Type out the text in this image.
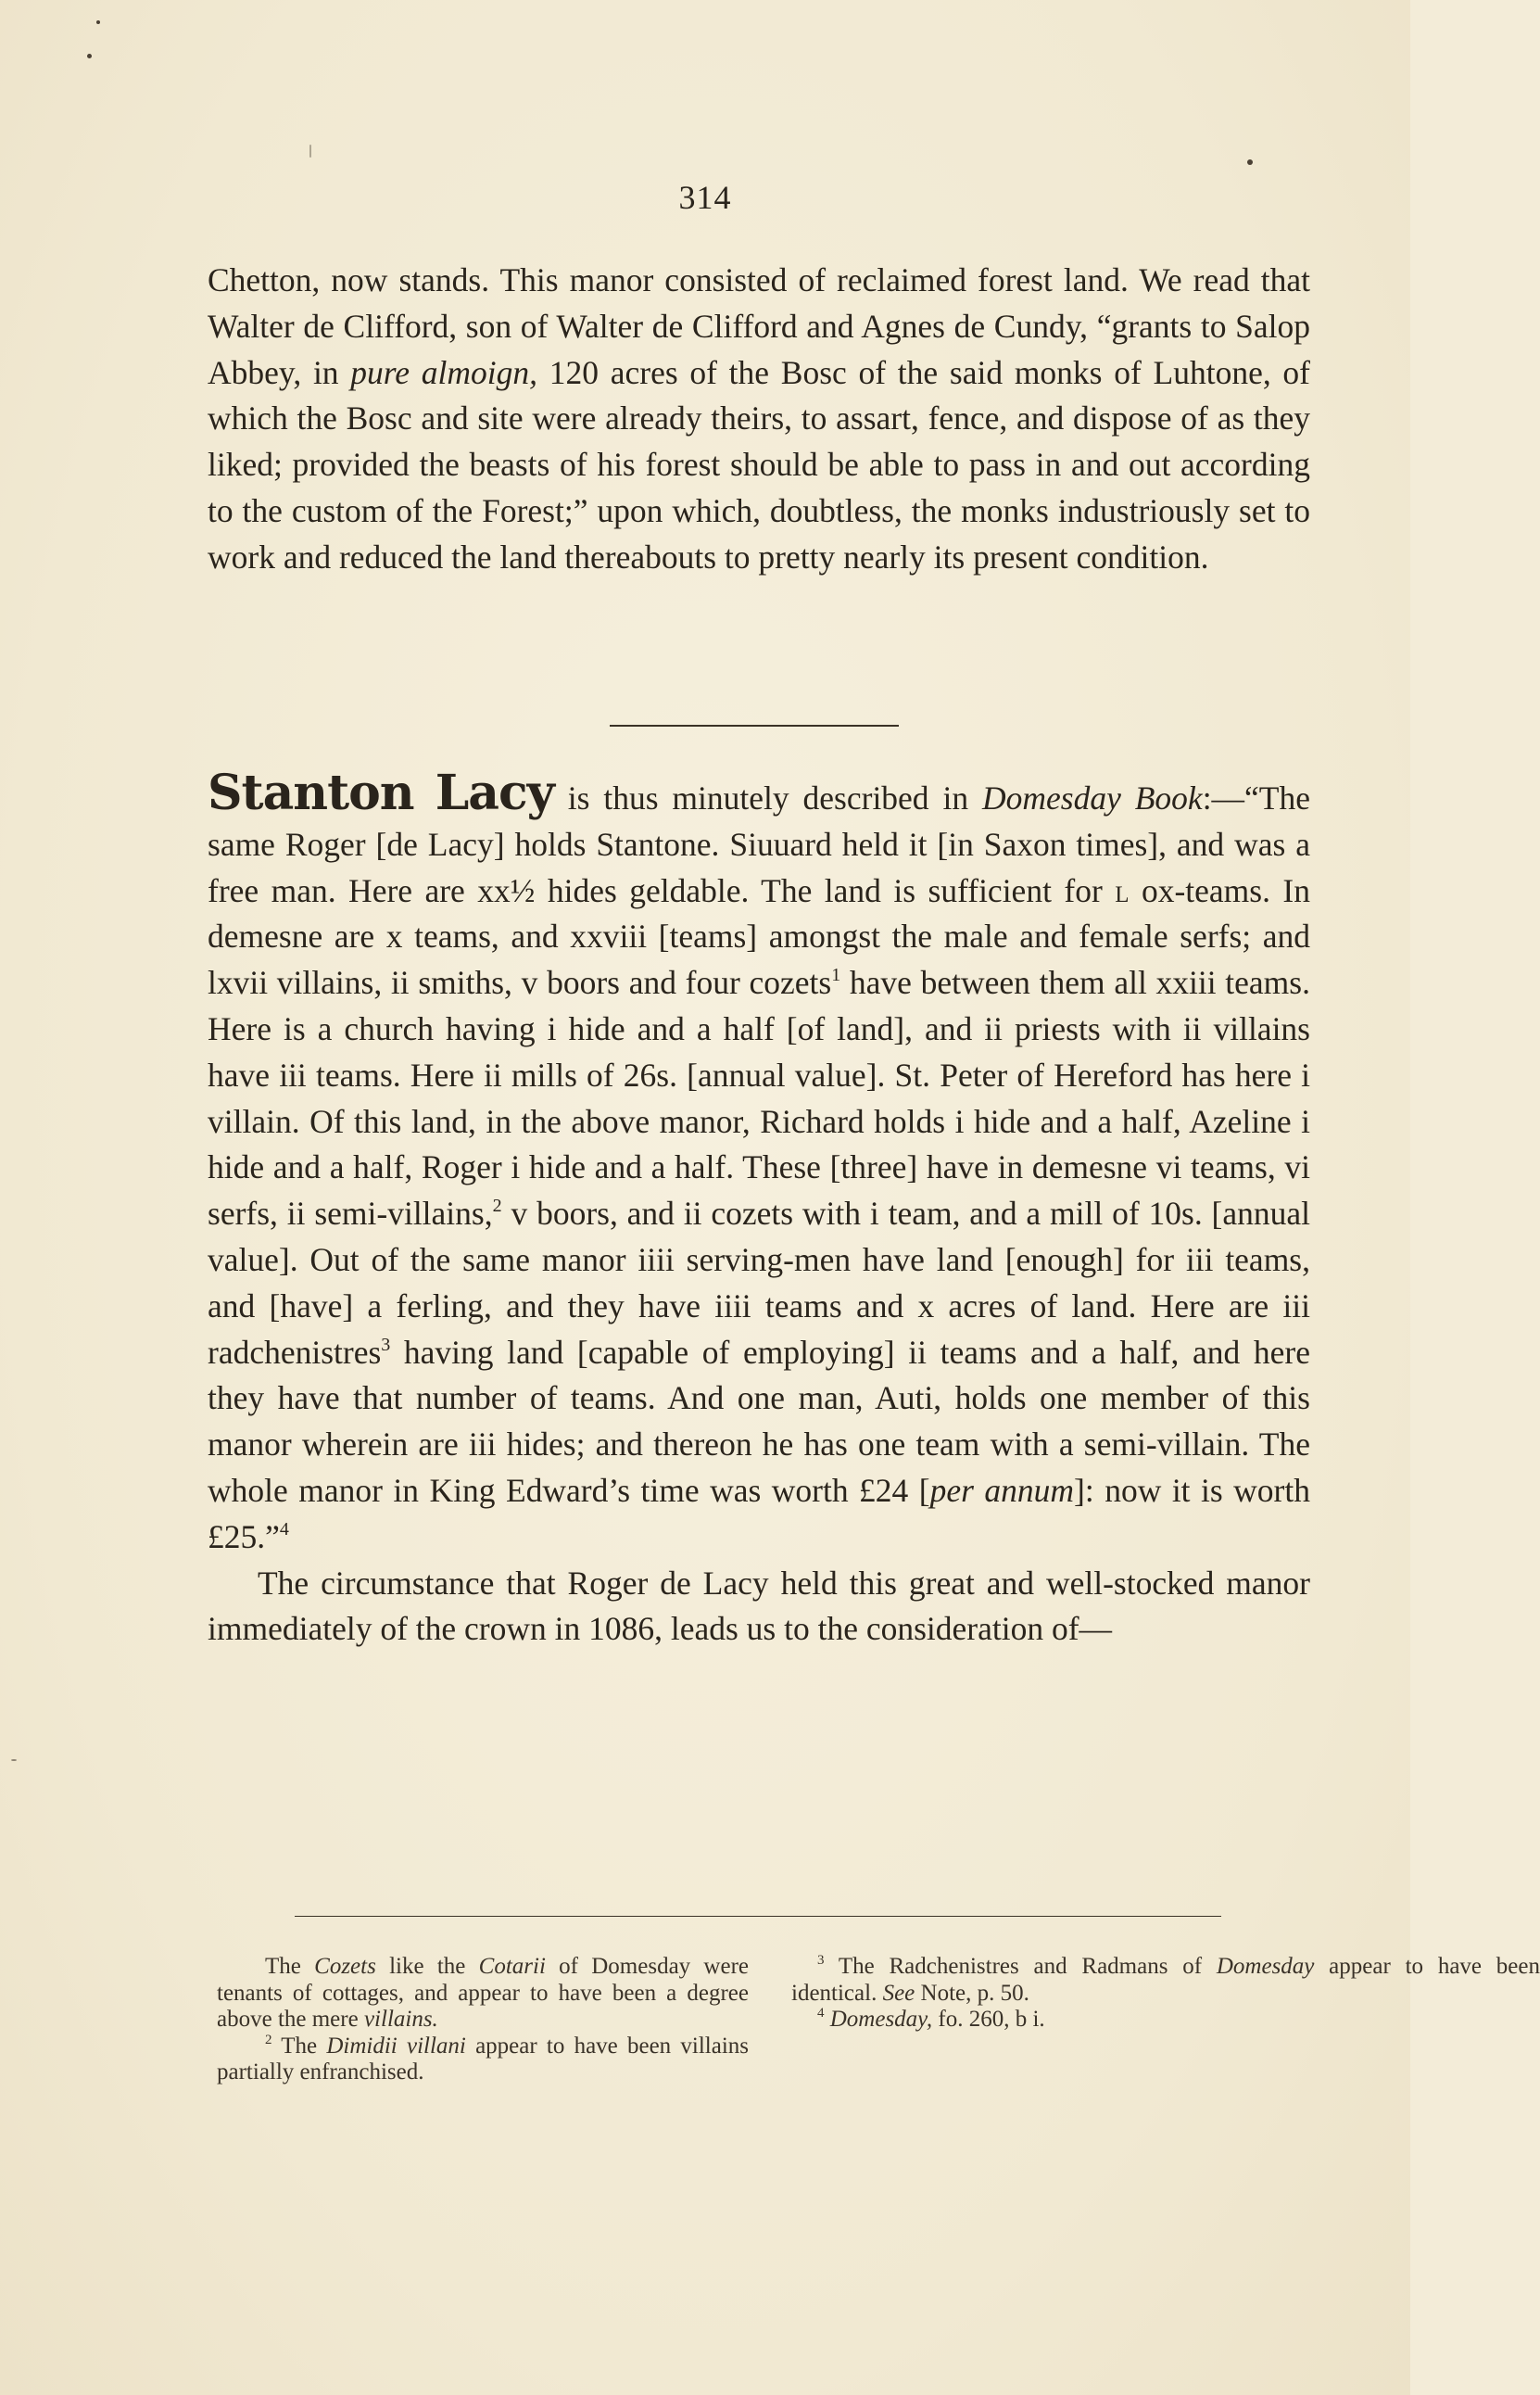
314

Chetton, now stands. This manor consisted of reclaimed forest land. We read that Walter de Clifford, son of Walter de Clifford and Agnes de Cundy, “grants to Salop Abbey, in pure almoign, 120 acres of the Bosc of the said monks of Luhtone, of which the Bosc and site were already theirs, to assart, fence, and dispose of as they liked; provided the beasts of his forest should be able to pass in and out according to the custom of the Forest;” upon which, doubtless, the monks industriously set to work and reduced the land thereabouts to pretty nearly its present condition.

Stanton Lacy is thus minutely described in Domesday Book:—“The same Roger [de Lacy] holds Stantone. Siuuard held it [in Saxon times], and was a free man. Here are xx½ hides geldable. The land is sufficient for l ox-teams. In demesne are x teams, and xxviii [teams] amongst the male and female serfs; and lxvii villains, ii smiths, v boors and four cozets$^1$ have between them all xxiii teams. Here is a church having i hide and a half [of land], and ii priests with ii villains have iii teams. Here ii mills of 26s. [annual value]. St. Peter of Hereford has here i villain. Of this land, in the above manor, Richard holds i hide and a half, Azeline i hide and a half, Roger i hide and a half. These [three] have in demesne vi teams, vi serfs, ii semi-villains,$^2$ v boors, and ii cozets with i team, and a mill of 10s. [annual value]. Out of the same manor iiii serving-men have land [enough] for iii teams, and [have] a ferling, and they have iiii teams and x acres of land. Here are iii radchenistres$^3$ having land [capable of employing] ii teams and a half, and here they have that number of teams. And one man, Auti, holds one member of this manor wherein are iii hides; and thereon he has one team with a semi-villain. The whole manor in King Edward’s time was worth £24 [per annum]: now it is worth £25.”$^4$

The circumstance that Roger de Lacy held this great and well-stocked manor immediately of the crown in 1086, leads us to the consideration of—

The Cozets like the Cotarii of Domesday were tenants of cottages, and appear to have been a degree above the mere villains.

$^2$ The Dimidii villani appear to have been villains partially enfranchised.

$^3$ The Radchenistres and Radmans of Domesday appear to have been identical. See Note, p. 50.

$^4$ Domesday, fo. 260, b i.
